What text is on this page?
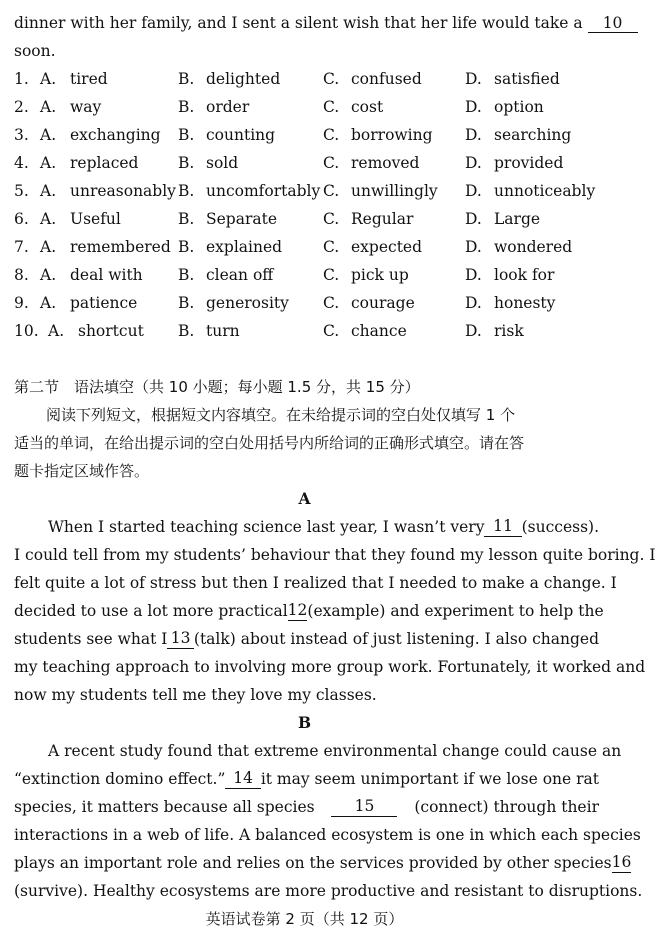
dinner with her family, and I sent a silent wish that her life would take a 10
soon.
1. A. tired	B. delighted	C. confused	D. satisfied
2. A. way	B. order	C. cost	D. option
3. A. exchanging B. counting	C. borrowing D. searching
4. A. replaced	B. sold	C. removed	D. provided
5. A. unreasonably B. uncomfortably C. unwillingly D. unnoticeably
6. A. Useful	B. Separate	C. Regular	D. Large
7. A. remembered B. explained	C. expected	D. wondered
8. A. deal with B. clean off	C. pick up	D. look for
9. A. patience	B. generosity C. courage	D. honesty
10. A. shortcut B. turn	C. chance	D. risk
第二节　语法填空（共 10 小题；每小题 1.5 分，共 15 分）
阅读下列短文，根据短文内容填空。在未给提示词的空白处仅填写 1 个
适当的单词，在给出提示词的空白处用括号内所给词的正确形式填空。请在答
题卡指定区域作答。
A
When I started teaching science last year, I wasn’t very 11 (success).
I could tell from my students’ behaviour that they found my lesson quite boring. I
felt quite a lot of stress but then I realized that I needed to make a change. I
decided to use a lot more practical 12 (example) and experiment to help the
students see what I 13 (talk) about instead of just listening. I also changed
my teaching approach to involving more group work. Fortunately, it worked and
now my students tell me they love my classes.
B
A recent study found that extreme environmental change could cause an
“extinction domino effect.” 14 it may seem unimportant if we lose one rat
species, it matters because all species	15	(connect) through their
interactions in a web of life. A balanced ecosystem is one in which each species
plays an important role and relies on the services provided by other species 16
(survive). Healthy ecosystems are more productive and resistant to disruptions.
英语试卷第 2 页（共 12 页）
